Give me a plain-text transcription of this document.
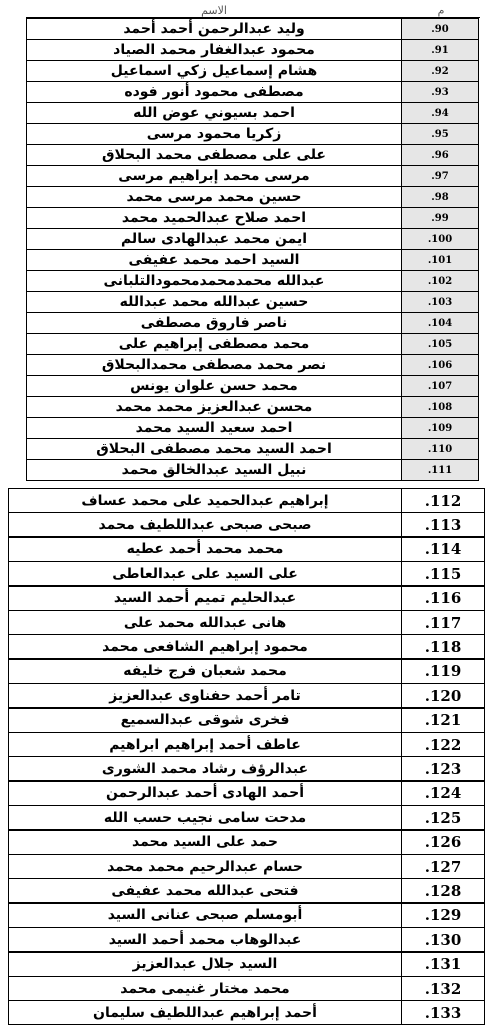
الاسم	م
وليد عبدالرحمن أحمد أحمد	.90
محمود عبدالغفار محمد الصياد	.91
هشام إسماعيل زكي اسماعيل	.92
مصطفى محمود أنور فوده	.93
احمد بسيوني عوض الله	.94
زكريا محمود مرسى	.95
على على مصطفى محمد البحلاق	.96
مرسى محمد إبراهيم مرسى	.97
حسين محمد مرسى محمد	.98
احمد صلاح عبدالحميد محمد	.99
ايمن محمد عبدالهادى سالم	.100
السيد احمد محمد عفيفى	.101
عبدالله محمدمحمدمحمودالتلبانى	.102
حسين عبدالله محمد عبدالله	.103
ناصر فاروق مصطفى	.104
محمد مصطفى إبراهيم على	.105
نصر محمد مصطفى محمدالبحلاق	.106
محمد حسن علوان يونس	.107
محسن عبدالعزيز محمد محمد	.108
احمد سعيد السيد محمد	.109
احمد السيد محمد مصطفى البحلاق	.110
نبيل السيد عبدالخالق محمد	.111
إبراهيم عبدالحميد على محمد عساف	.112
صبحى صبحى عبداللطيف محمد	.113
محمد محمد أحمد عطيه	.114
على السيد على عبدالعاطى	.115
عبدالحليم تميم أحمد السيد	.116
هانى عبدالله محمد على	.117
محمود إبراهيم الشافعى محمد	.118
محمد شعبان فرج خليفه	.119
تامر أحمد حفناوى عبدالعزيز	.120
فخرى شوقى عبدالسميع	.121
عاطف أحمد إبراهيم ابراهيم	.122
عبدالرؤف رشاد محمد الشورى	.123
أحمد الهادى أحمد عبدالرحمن	.124
مدحت سامى نجيب حسب الله	.125
حمد على السيد محمد	.126
حسام عبدالرحيم محمد محمد	.127
فتحى عبدالله محمد عفيفى	.128
أبومسلم صبحى عنانى السيد	.129
عبدالوهاب محمد أحمد السيد	.130
السيد جلال عبدالعزيز	.131
محمد مختار غنيمى محمد	.132
أحمد إبراهيم عبداللطيف سليمان	.133
